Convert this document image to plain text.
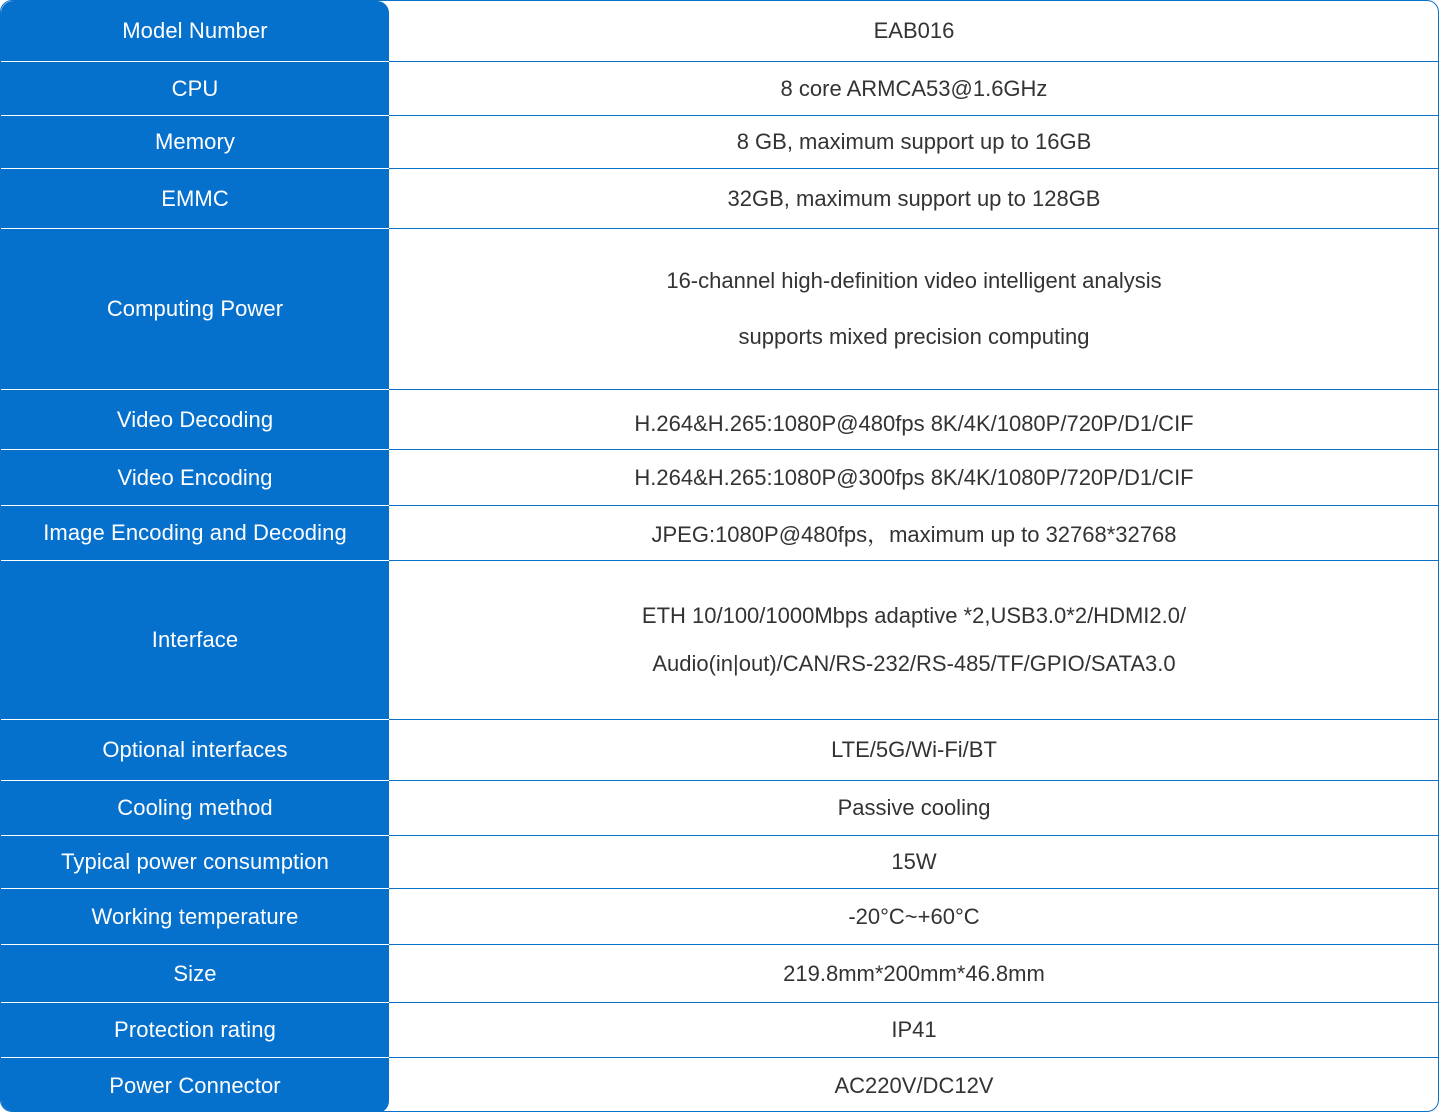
Model Number
CPU
Memory
EMMC
Computing Power
Video Decoding
Video Encoding
Image Encoding and Decoding
Interface
Optional interfaces
Cooling method
Typical power consumption
Working temperature
Size
Protection rating
Power Connector
EAB016
8 core ARMCA53@1.6GHz
8 GB, maximum support up to 16GB
32GB, maximum support up to 128GB
16-channel high-definition video intelligent analysis
supports mixed precision computing
H.264&H.265:1080P@480fps 8K/4K/1080P/720P/D1/CIF
H.264&H.265:1080P@300fps 8K/4K/1080P/720P/D1/CIF
JPEG:1080P@480fps，maximum up to 32768*32768
ETH 10/100/1000Mbps adaptive *2,USB3.0*2/HDMI2.0/
Audio(in|out)/CAN/RS-232/RS-485/TF/GPIO/SATA3.0
LTE/5G/Wi-Fi/BT
Passive cooling
15W
-20°C~+60°C
219.8mm*200mm*46.8mm
IP41
AC220V/DC12V
